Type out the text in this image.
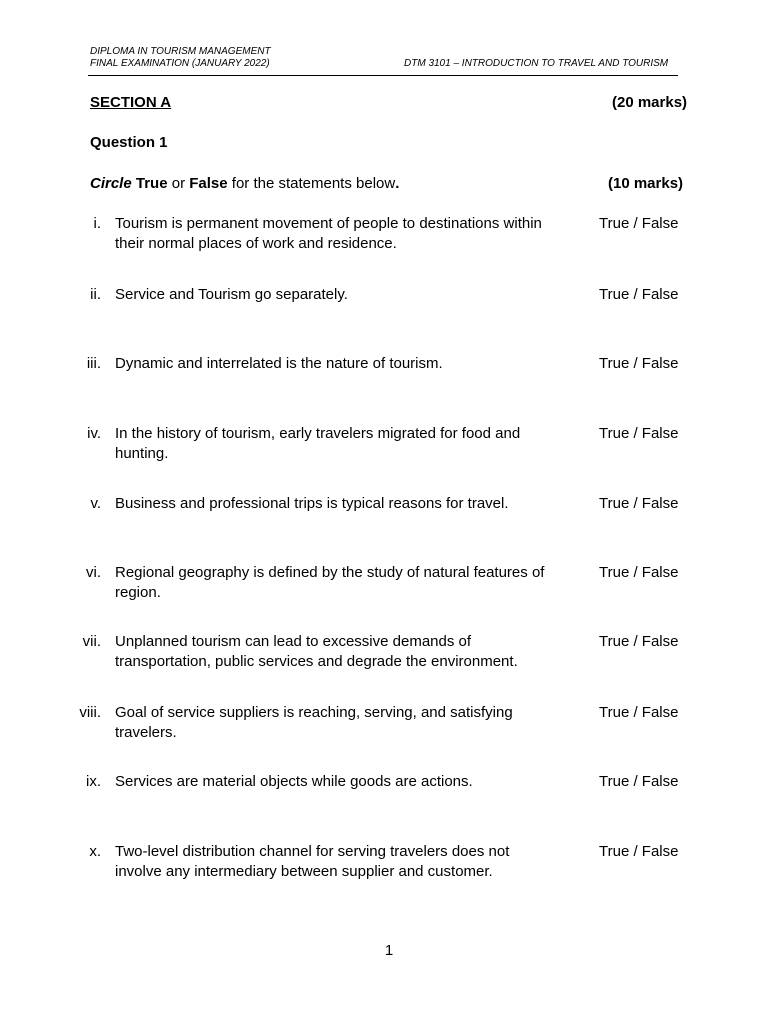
DIPLOMA IN TOURISM MANAGEMENT
FINAL EXAMINATION (JANUARY 2022)	DTM 3101 – INTRODUCTION TO TRAVEL AND TOURISM
SECTION A	(20 marks)
Question 1
Circle True or False for the statements below.	(10 marks)
i. Tourism is permanent movement of people to destinations within their normal places of work and residence.
True / False
ii. Service and Tourism go separately.	True / False
iii. Dynamic and interrelated is the nature of tourism.	True / False
iv. In the history of tourism, early travelers migrated for food and hunting.
True / False
v. Business and professional trips is typical reasons for travel.	True / False
vi. Regional geography is defined by the study of natural features of region.
True / False
vii. Unplanned tourism can lead to excessive demands of transportation, public services and degrade the environment.
True / False
viii. Goal of service suppliers is reaching, serving, and satisfying travelers.
True / False
ix. Services are material objects while goods are actions.	True / False
x. Two-level distribution channel for serving travelers does not involve any intermediary between supplier and customer.
True / False
1
